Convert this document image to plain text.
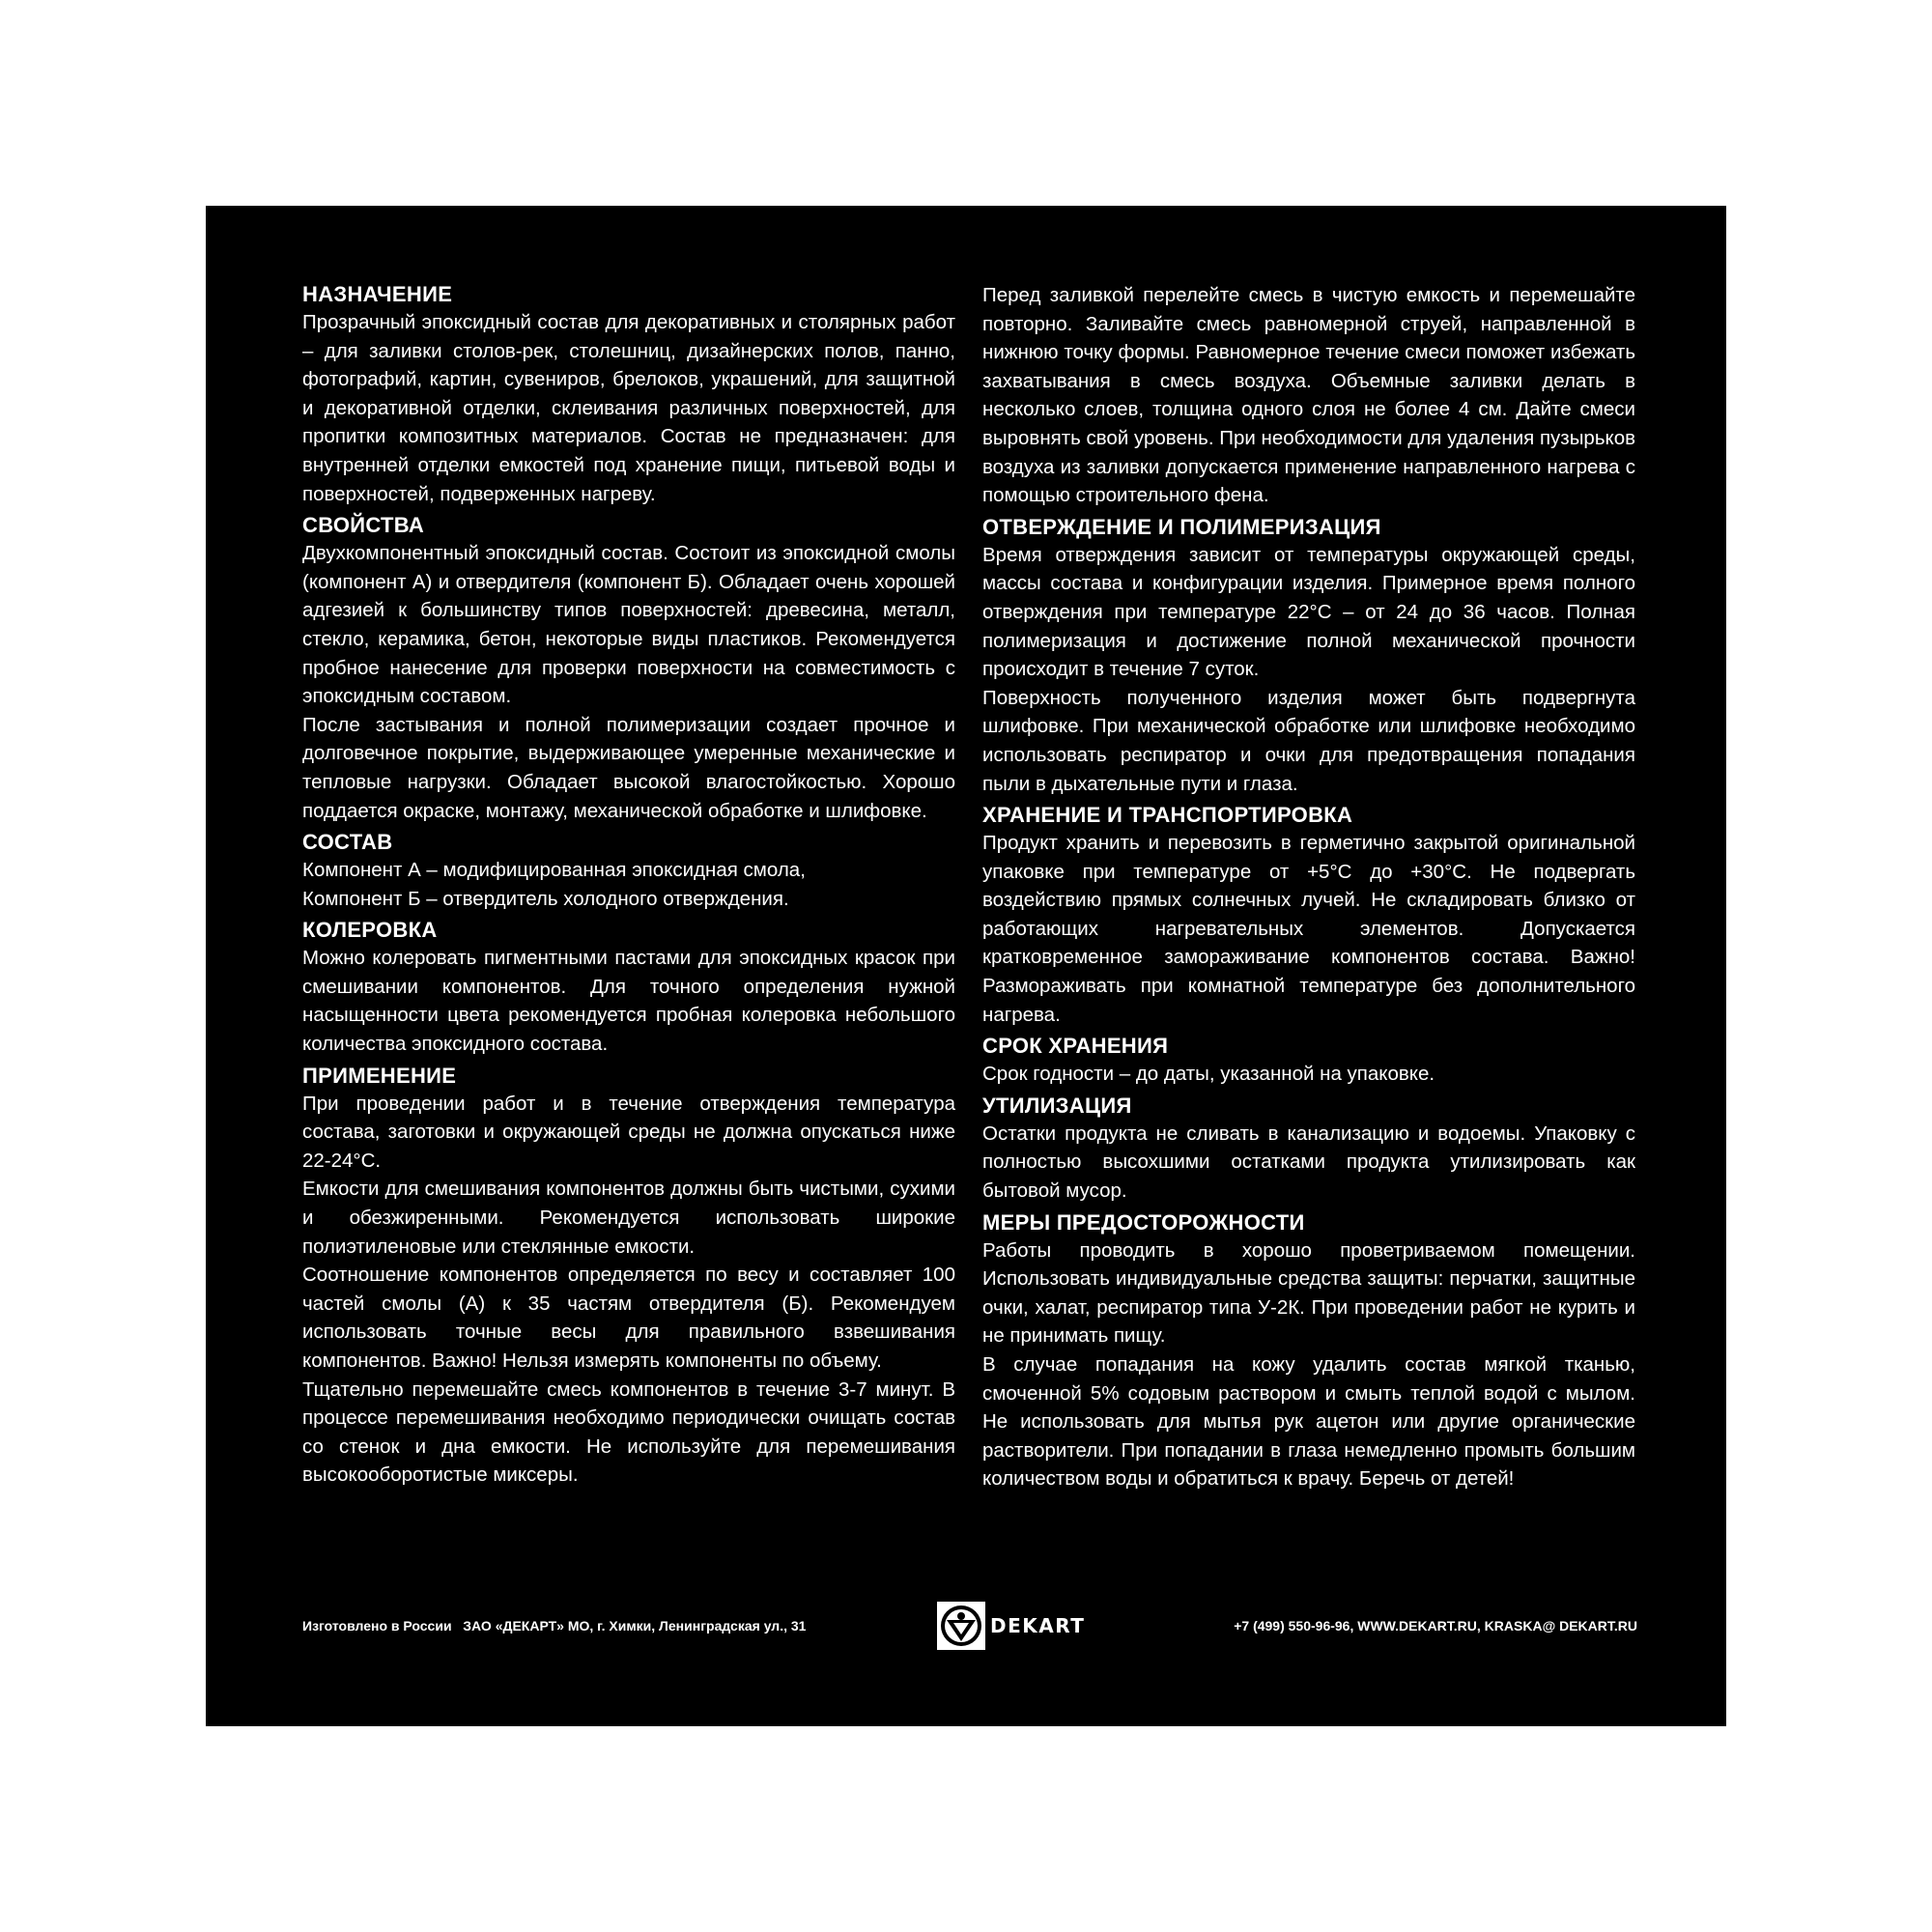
НАЗНАЧЕНИЕ

Прозрачный эпоксидный состав для декоративных и столярных работ – для заливки столов-рек, столешниц, дизайнерских полов, панно, фотографий, картин, сувениров, брелоков, украшений, для защитной и декоративной отделки, склеивания различных поверхностей, для пропитки композитных материалов. Состав не предназначен: для внутренней отделки емкостей под хранение пищи, питьевой воды и поверхностей, подверженных нагреву.

СВОЙСТВА

Двухкомпонентный эпоксидный состав. Состоит из эпоксидной смолы (компонент А) и отвердителя (компонент Б). Обладает очень хорошей адгезией к большинству типов поверхностей: древесина, металл, стекло, керамика, бетон, некоторые виды пластиков. Рекомендуется пробное нанесение для проверки поверхности на совместимость с эпоксидным составом.

После застывания и полной полимеризации создает прочное и долговечное покрытие, выдерживающее умеренные механические и тепловые нагрузки. Обладает высокой влагостойкостью. Хорошо поддается окраске, монтажу, механической обработке и шлифовке.

СОСТАВ

Компонент А – модифицированная эпоксидная смола,

Компонент Б – отвердитель холодного отверждения.

КОЛЕРОВКА

Можно колеровать пигментными пастами для эпоксидных красок при смешивании компонентов. Для точного определения нужной насыщенности цвета рекомендуется пробная колеровка небольшого количества эпоксидного состава.

ПРИМЕНЕНИЕ

При проведении работ и в течение отверждения температура состава, заготовки и окружающей среды не должна опускаться ниже 22-24°С.

Емкости для смешивания компонентов должны быть чистыми, сухими и обезжиренными. Рекомендуется использовать широкие полиэтиленовые или стеклянные емкости.

Соотношение компонентов определяется по весу и составляет 100 частей смолы (А) к 35 частям отвердителя (Б). Рекомендуем использовать точные весы для правильного взвешивания компонентов. Важно! Нельзя измерять компоненты по объему.

Тщательно перемешайте смесь компонентов в течение 3-7 минут. В процессе перемешивания необходимо периодически очищать состав со стенок и дна емкости. Не используйте для перемешивания высокооборотистые миксеры.

Перед заливкой перелейте смесь в чистую емкость и перемешайте повторно. Заливайте смесь равномерной струей, направленной в нижнюю точку формы. Равномерное течение смеси поможет избежать захватывания в смесь воздуха. Объемные заливки делать в несколько слоев, толщина одного слоя не более 4 см. Дайте смеси выровнять свой уровень. При необходимости для удаления пузырьков воздуха из заливки допускается применение направленного нагрева с помощью строительного фена.

ОТВЕРЖДЕНИЕ И ПОЛИМЕРИЗАЦИЯ

Время отверждения зависит от температуры окружающей среды, массы состава и конфигурации изделия. Примерное время полного отверждения при температуре 22°С – от 24 до 36 часов. Полная полимеризация и достижение полной механической прочности происходит в течение 7 суток.

Поверхность полученного изделия может быть подвергнута шлифовке. При механической обработке или шлифовке необходимо использовать респиратор и очки для предотвращения попадания пыли в дыхательные пути и глаза.

ХРАНЕНИЕ И ТРАНСПОРТИРОВКА

Продукт хранить и перевозить в герметично закрытой оригинальной упаковке при температуре от +5°С до +30°С. Не подвергать воздействию прямых солнечных лучей. Не складировать близко от работающих нагревательных элементов. Допускается кратковременное замораживание компонентов состава. Важно! Размораживать при комнатной температуре без дополнительного нагрева.

СРОК ХРАНЕНИЯ

Срок годности – до даты, указанной на упаковке.

УТИЛИЗАЦИЯ

Остатки продукта не сливать в канализацию и водоемы. Упаковку с полностью высохшими остатками продукта утилизировать как бытовой мусор.

МЕРЫ ПРЕДОСТОРОЖНОСТИ

Работы проводить в хорошо проветриваемом помещении. Использовать индивидуальные средства защиты: перчатки, защитные очки, халат, респиратор типа У-2К. При проведении работ не курить и не принимать пищу.

В случае попадания на кожу удалить состав мягкой тканью, смоченной 5% содовым раствором и смыть теплой водой с мылом. Не использовать для мытья рук ацетон или другие органические растворители. При попадании в глаза немедленно промыть большим количеством воды и обратиться к врачу. Беречь от детей!

Изготовлено в России ЗАО «ДЕКАРТ» МО, г. Химки, Ленинградская ул., 31	DEKART	+7 (499) 550-96-96, WWW.DEKART.RU, KRASKA@ DEKART.RU
